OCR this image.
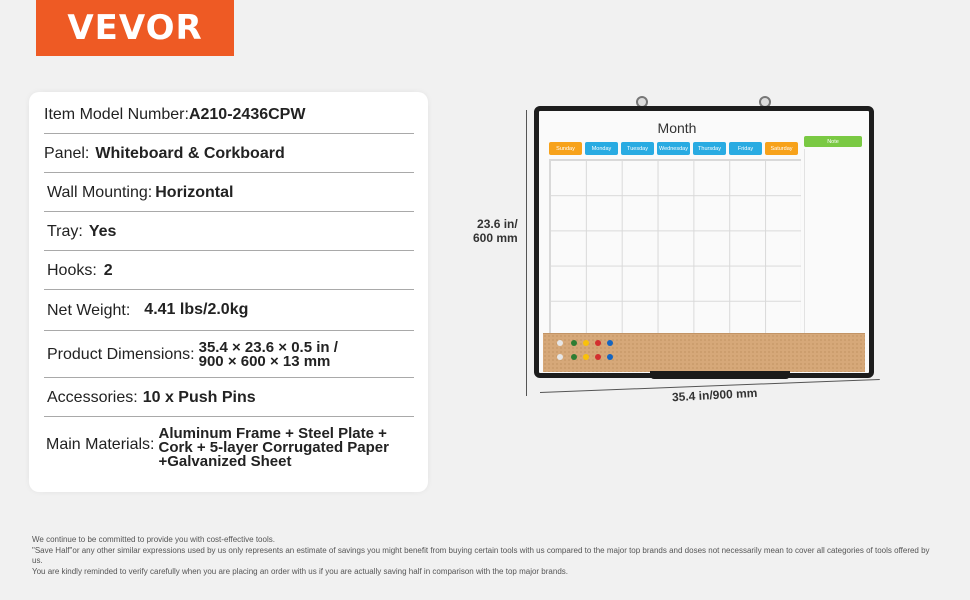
VEVOR
Item Model Number: A210-2436CPW
Panel: Whiteboard & Corkboard
Wall Mounting: Horizontal
Tray: Yes
Hooks: 2
Net Weight: 4.41 lbs/2.0kg
Product Dimensions: 35.4 × 23.6 × 0.5 in /
900 × 600 × 13 mm
Accessories: 10 x Push Pins
Main Materials:
Aluminum Frame + Steel Plate +
Cork + 5-layer Corrugated Paper
+Galvanized Sheet
Month
Sunday	Monday	Tuesday	Wednesday	Thursday	Friday	Saturday
Note
23.6 in/
600 mm
35.4 in/900 mm

We continue to be committed to provide you with cost-effective tools.

"Save Half"or any other similar expressions used by us only represents an estimate of savings you might benefit from buying certain tools with us compared to the major top brands and doses not necessarily mean to cover all categories of tools offered by us.

You are kindly reminded to verify carefully when you are placing an order with us if you are actually saving half in comparison with the top major brands.
